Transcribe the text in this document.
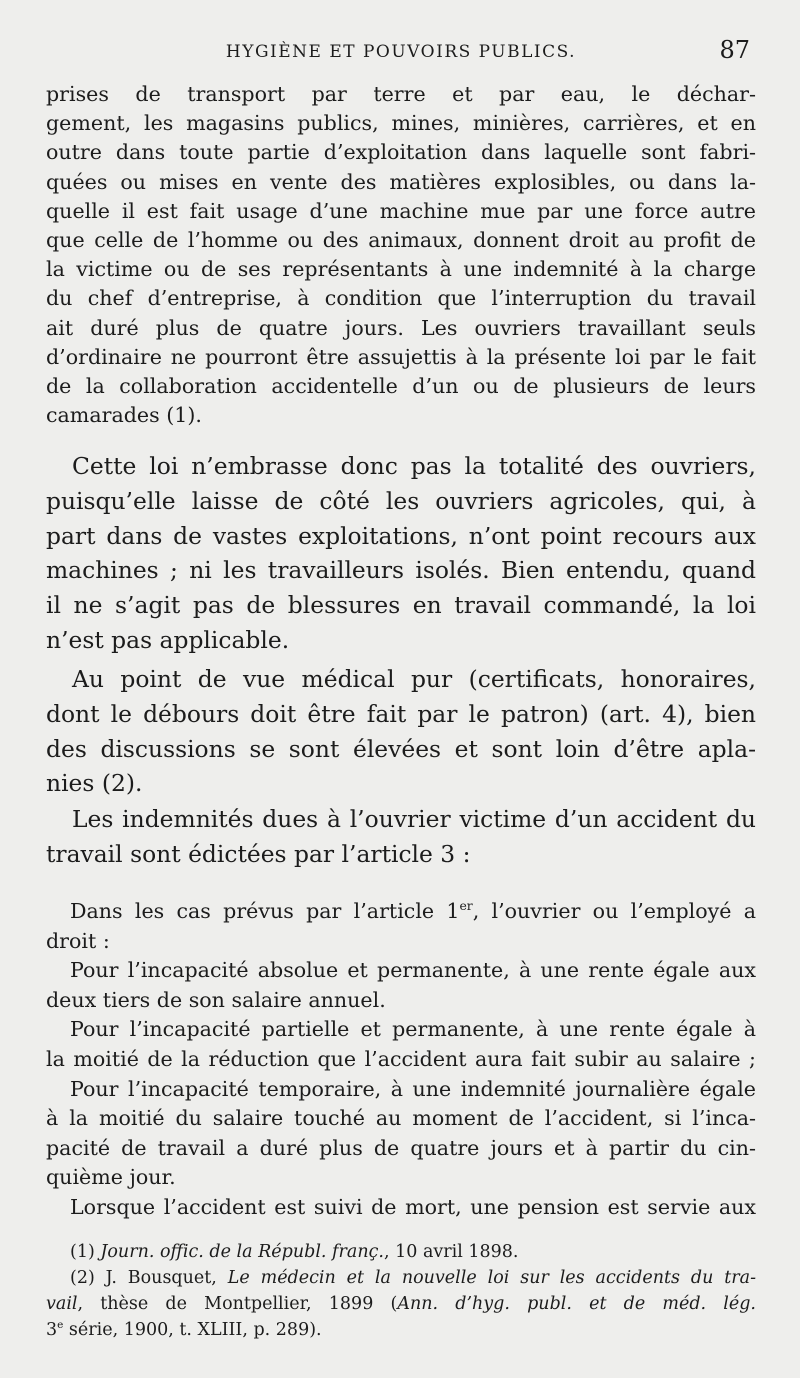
HYGIÈNE ET POUVOIRS PUBLICS.	87
prises de transport par terre et par eau, le déchar-
gement, les magasins publics, mines, minières, carrières, et en
outre dans toute partie d’exploitation dans laquelle sont fabri-
quées ou mises en vente des matières explosibles, ou dans la-
quelle il est fait usage d’une machine mue par une force autre
que celle de l’homme ou des animaux, donnent droit au profit de
la victime ou de ses représentants à une indemnité à la charge
du chef d’entreprise, à condition que l’interruption du travail
ait duré plus de quatre jours. Les ouvriers travaillant seuls
d’ordinaire ne pourront être assujettis à la présente loi par le fait
de la collaboration accidentelle d’un ou de plusieurs de leurs
camarades (1).
Cette loi n’embrasse donc pas la totalité des ouvriers,
puisqu’elle laisse de côté les ouvriers agricoles, qui, à
part dans de vastes exploitations, n’ont point recours aux
machines ; ni les travailleurs isolés. Bien entendu, quand
il ne s’agit pas de blessures en travail commandé, la loi
n’est pas applicable.
Au point de vue médical pur (certificats, honoraires,
dont le débours doit être fait par le patron) (art. 4), bien
des discussions se sont élevées et sont loin d’être apla-
nies (2).
Les indemnités dues à l’ouvrier victime d’un accident du
travail sont édictées par l’article 3 :
Dans les cas prévus par l’article 1er, l’ouvrier ou l’employé a
droit :
Pour l’incapacité absolue et permanente, à une rente égale aux
deux tiers de son salaire annuel.
Pour l’incapacité partielle et permanente, à une rente égale à
la moitié de la réduction que l’accident aura fait subir au salaire ;
Pour l’incapacité temporaire, à une indemnité journalière égale
à la moitié du salaire touché au moment de l’accident, si l’inca-
pacité de travail a duré plus de quatre jours et à partir du cin-
quième jour.
Lorsque l’accident est suivi de mort, une pension est servie aux
(1) Journ. offic. de la Républ. franç., 10 avril 1898.
(2) J. Bousquet, Le médecin et la nouvelle loi sur les accidents du tra-
vail, thèse de Montpellier, 1899 (Ann. d’hyg. publ. et de méd. lég.
3e série, 1900, t. XLIII, p. 289).
